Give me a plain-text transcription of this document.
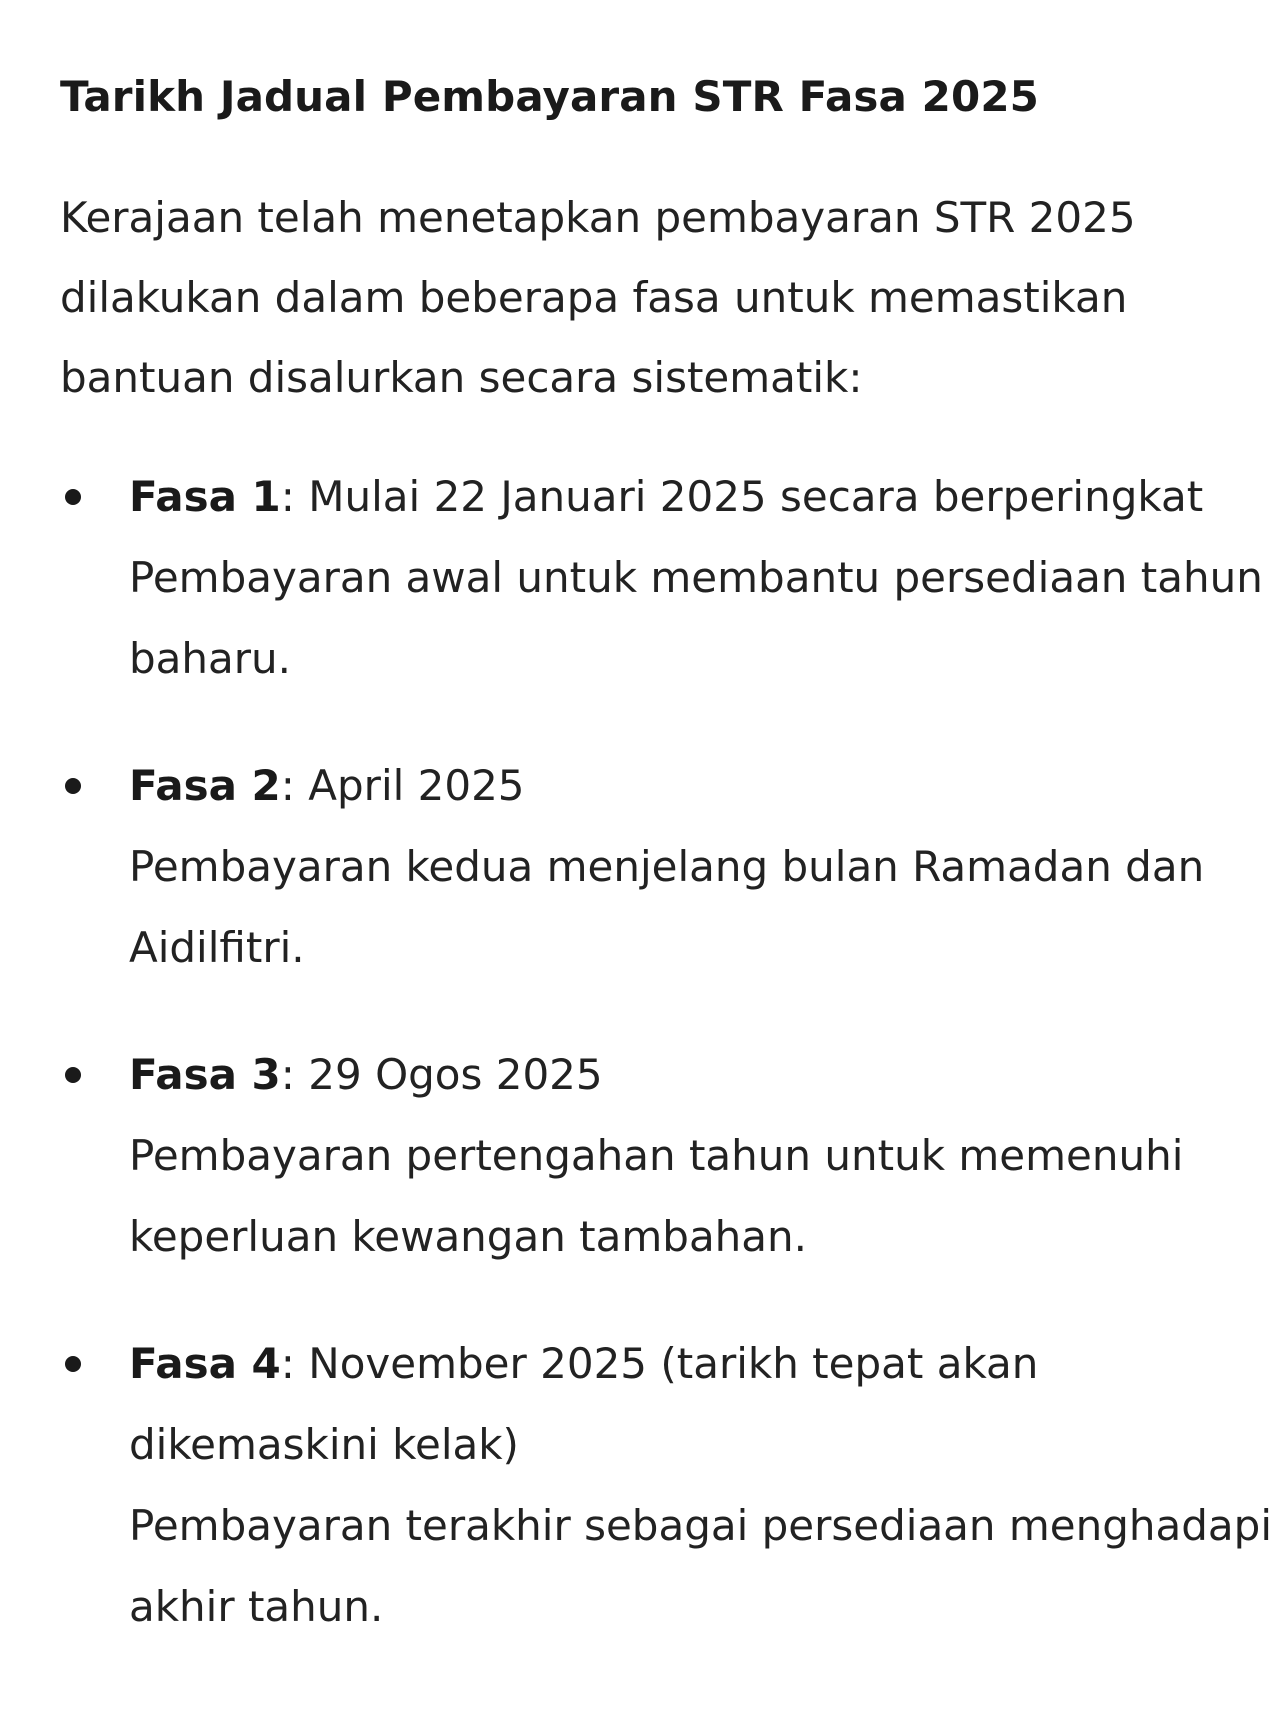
Tarikh Jadual Pembayaran STR Fasa 2025

Kerajaan telah menetapkan pembayaran STR 2025 dilakukan dalam beberapa fasa untuk memastikan bantuan disalurkan secara sistematik:

Fasa 1: Mulai 22 Januari 2025 secara berperingkat
Pembayaran awal untuk membantu persediaan tahun baharu.
Fasa 2: April 2025
Pembayaran kedua menjelang bulan Ramadan dan Aidilfitri.
Fasa 3: 29 Ogos 2025
Pembayaran pertengahan tahun untuk memenuhi keperluan kewangan tambahan.
Fasa 4: November 2025 (tarikh tepat akan dikemaskini kelak)
Pembayaran terakhir sebagai persediaan menghadapi akhir tahun.
